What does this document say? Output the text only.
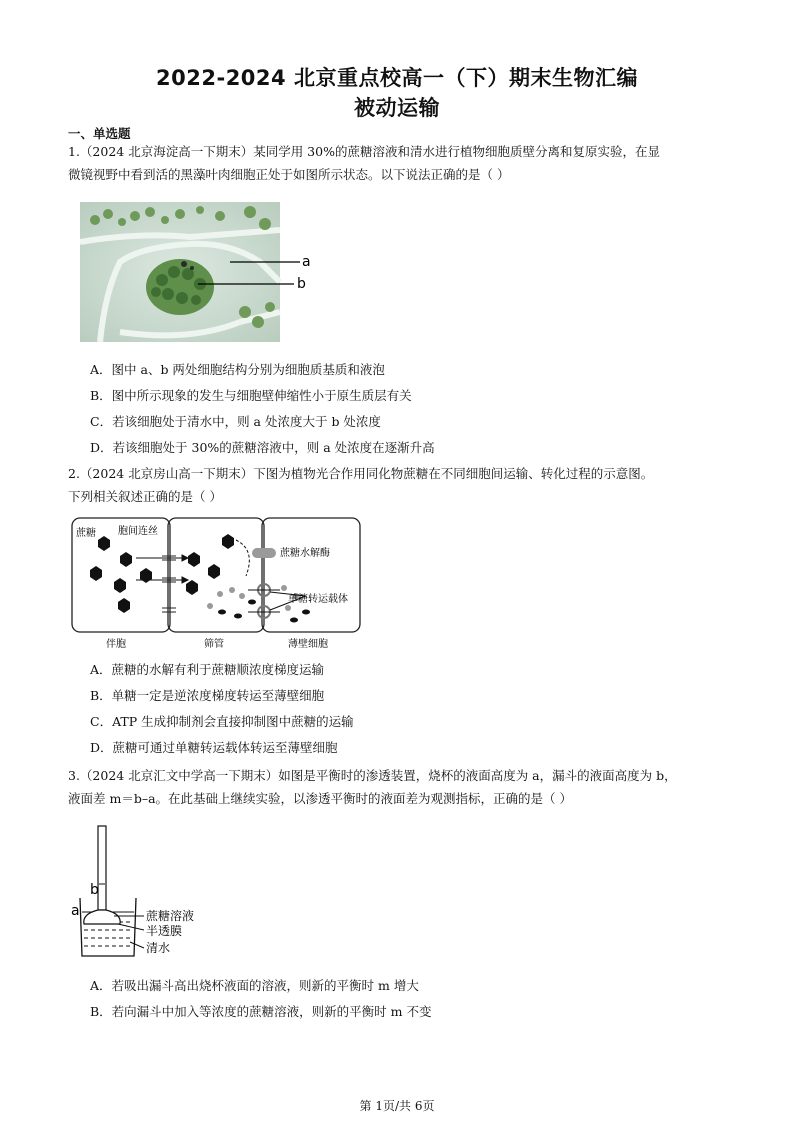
2022-2024 北京重点校高一（下）期末生物汇编
被动运输
一、单选题
1.（2024 北京海淀高一下期末）某同学用 30%的蔗糖溶液和清水进行植物细胞质壁分离和复原实验，在显
微镜视野中看到活的黑藻叶肉细胞正处于如图所示状态。以下说法正确的是（ ）
a
b
A．图中 a、b 两处细胞结构分别为细胞质基质和液泡
B．图中所示现象的发生与细胞壁伸缩性小于原生质层有关
C．若该细胞处于清水中，则 a 处浓度大于 b 处浓度
D．若该细胞处于 30%的蔗糖溶液中，则 a 处浓度在逐渐升高
2.（2024 北京房山高一下期末）下图为植物光合作用同化物蔗糖在不同细胞间运输、转化过程的示意图。
下列相关叙述正确的是（ ）
蔗糖 胞间连丝
蔗糖水解酶
单糖转运载体
伴胞	筛管	薄壁细胞
A．蔗糖的水解有利于蔗糖顺浓度梯度运输
B．单糖一定是逆浓度梯度转运至薄壁细胞
C．ATP 生成抑制剂会直接抑制图中蔗糖的运输
D．蔗糖可通过单糖转运载体转运至薄壁细胞
3.（2024 北京汇文中学高一下期末）如图是平衡时的渗透装置，烧杯的液面高度为 a，漏斗的液面高度为 b，
液面差 m＝b–a。在此基础上继续实验，以渗透平衡时的液面差为观测指标，正确的是（ ）
b
a	蔗糖溶液
半透膜
清水
A．若吸出漏斗高出烧杯液面的溶液，则新的平衡时 m 增大
B．若向漏斗中加入等浓度的蔗糖溶液，则新的平衡时 m 不变
第 1页/共 6页
